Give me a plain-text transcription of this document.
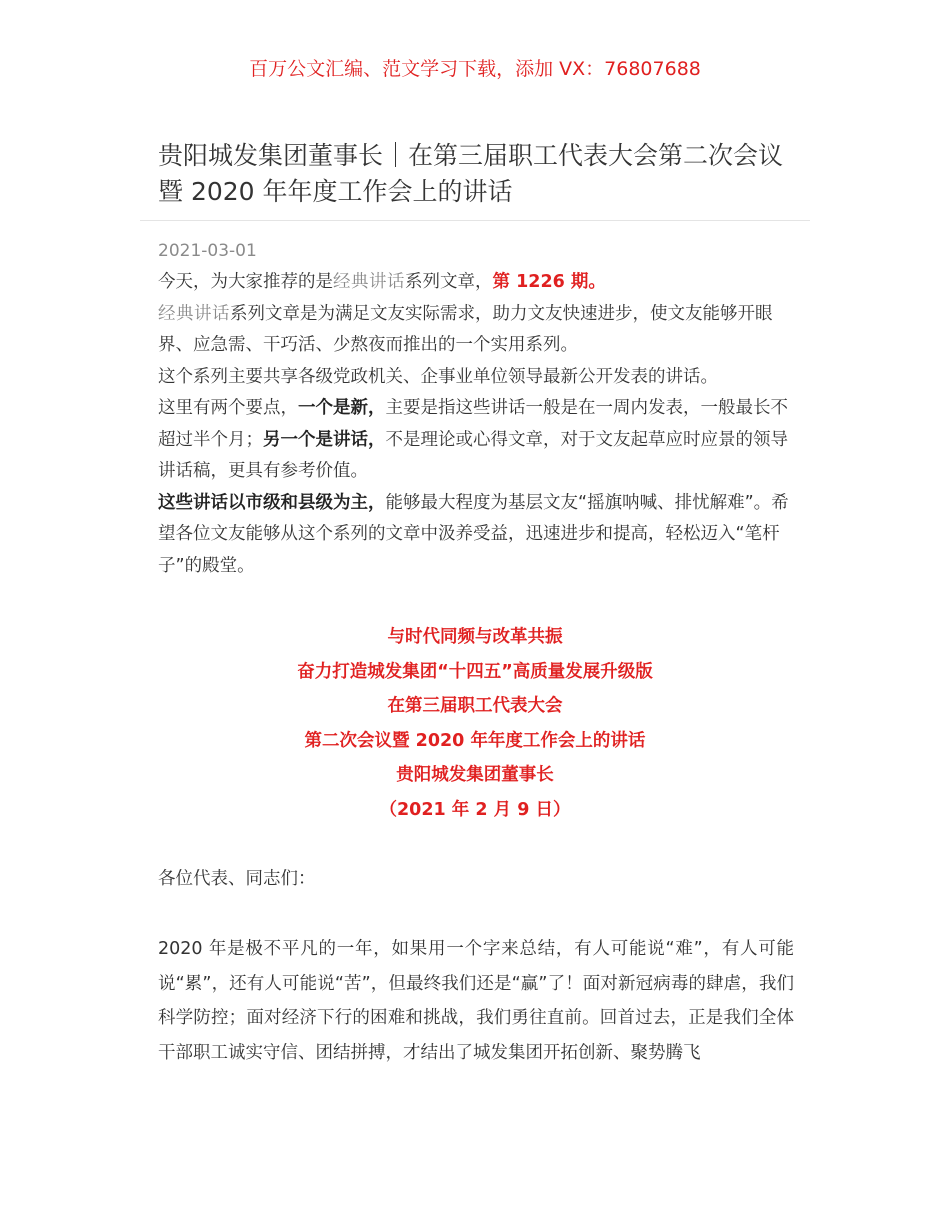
百万公文汇编、范文学习下载，添加 VX：76807688
贵阳城发集团董事长｜在第三届职工代表大会第二次会议暨 2020 年年度工作会上的讲话
2021-03-01

今天，为大家推荐的是经典讲话系列文章，第 1226 期。

经典讲话系列文章是为满足文友实际需求，助力文友快速进步，使文友能够开眼界、应急需、干巧活、少熬夜而推出的一个实用系列。

这个系列主要共享各级党政机关、企事业单位领导最新公开发表的讲话。

这里有两个要点，一个是新，主要是指这些讲话一般是在一周内发表，一般最长不超过半个月；另一个是讲话，不是理论或心得文章，对于文友起草应时应景的领导讲话稿，更具有参考价值。

这些讲话以市级和县级为主，能够最大程度为基层文友“摇旗呐喊、排忧解难”。希望各位文友能够从这个系列的文章中汲养受益，迅速进步和提高，轻松迈入“笔杆子”的殿堂。

与时代同频与改革共振
奋力打造城发集团“十四五”高质量发展升级版
在第三届职工代表大会
第二次会议暨 2020 年年度工作会上的讲话
贵阳城发集团董事长
（2021 年 2 月 9 日）
各位代表、同志们：
2020 年是极不平凡的一年，如果用一个字来总结，有人可能说“难”，有人可能说“累”，还有人可能说“苦”，但最终我们还是“赢”了！面对新冠病毒的肆虐，我们科学防控；面对经济下行的困难和挑战，我们勇往直前。回首过去，正是我们全体干部职工诚实守信、团结拼搏，才结出了城发集团开拓创新、聚势腾飞
